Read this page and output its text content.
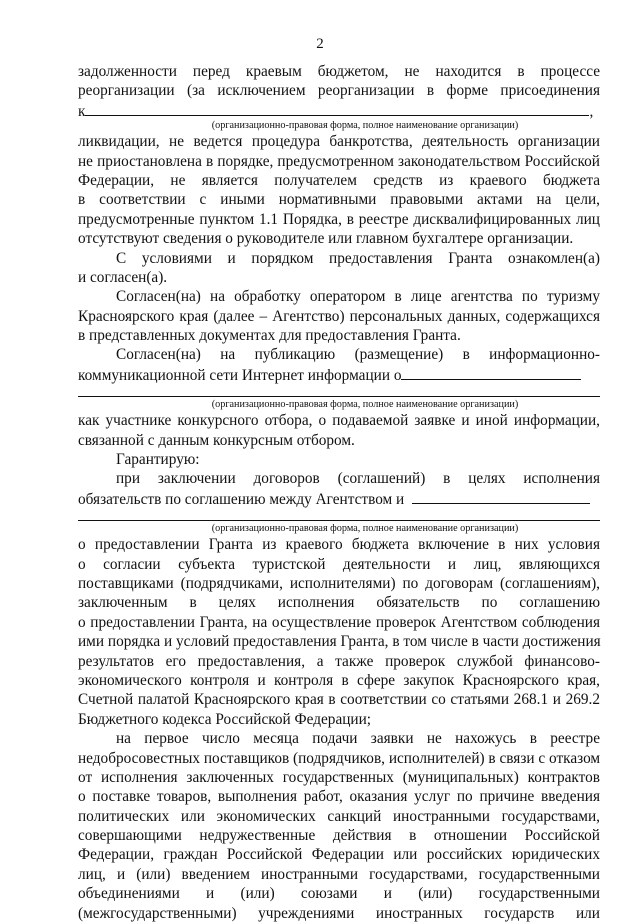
2
задолженности перед краевым бюджетом, не находится в процессе
реорганизации (за исключением реорганизации в форме присоединения
к	,
(организационно-правовая форма, полное наименование организации)
ликвидации, не ведется процедура банкротства, деятельность организации
не приостановлена в порядке, предусмотренном законодательством Российской
Федерации, не является получателем средств из краевого бюджета
в соответствии с иными нормативными правовыми актами на цели,
предусмотренные пунктом 1.1 Порядка, в реестре дисквалифицированных лиц
отсутствуют сведения о руководителе или главном бухгалтере организации.
С условиями и порядком предоставления Гранта ознакомлен(а)
и согласен(а).
Согласен(на) на обработку оператором в лице агентства по туризму
Красноярского края (далее – Агентство) персональных данных, содержащихся
в представленных документах для предоставления Гранта.
Согласен(на) на публикацию (размещение) в информационно-
коммуникационной сети Интернет информации о
(организационно-правовая форма, полное наименование организации)
как участнике конкурсного отбора, о подаваемой заявке и иной информации,
связанной с данным конкурсным отбором.
Гарантирую:
при заключении договоров (соглашений) в целях исполнения
обязательств по соглашению между Агентством и
(организационно-правовая форма, полное наименование организации)
о предоставлении Гранта из краевого бюджета включение в них условия
о согласии субъекта туристской деятельности и лиц, являющихся
поставщиками (подрядчиками, исполнителями) по договорам (соглашениям),
заключенным в целях исполнения обязательств по соглашению
о предоставлении Гранта, на осуществление проверок Агентством соблюдения
ими порядка и условий предоставления Гранта, в том числе в части достижения
результатов его предоставления, а также проверок службой финансово-
экономического контроля и контроля в сфере закупок Красноярского края,
Счетной палатой Красноярского края в соответствии со статьями 268.1 и 269.2
Бюджетного кодекса Российской Федерации;
на первое число месяца подачи заявки не нахожусь в реестре
недобросовестных поставщиков (подрядчиков, исполнителей) в связи с отказом
от исполнения заключенных государственных (муниципальных) контрактов
о поставке товаров, выполнения работ, оказания услуг по причине введения
политических или экономических санкций иностранными государствами,
совершающими недружественные действия в отношении Российской
Федерации, граждан Российской Федерации или российских юридических
лиц, и (или) введением иностранными государствами, государственными
объединениями и (или) союзами и (или) государственными
(межгосударственными) учреждениями иностранных государств или
